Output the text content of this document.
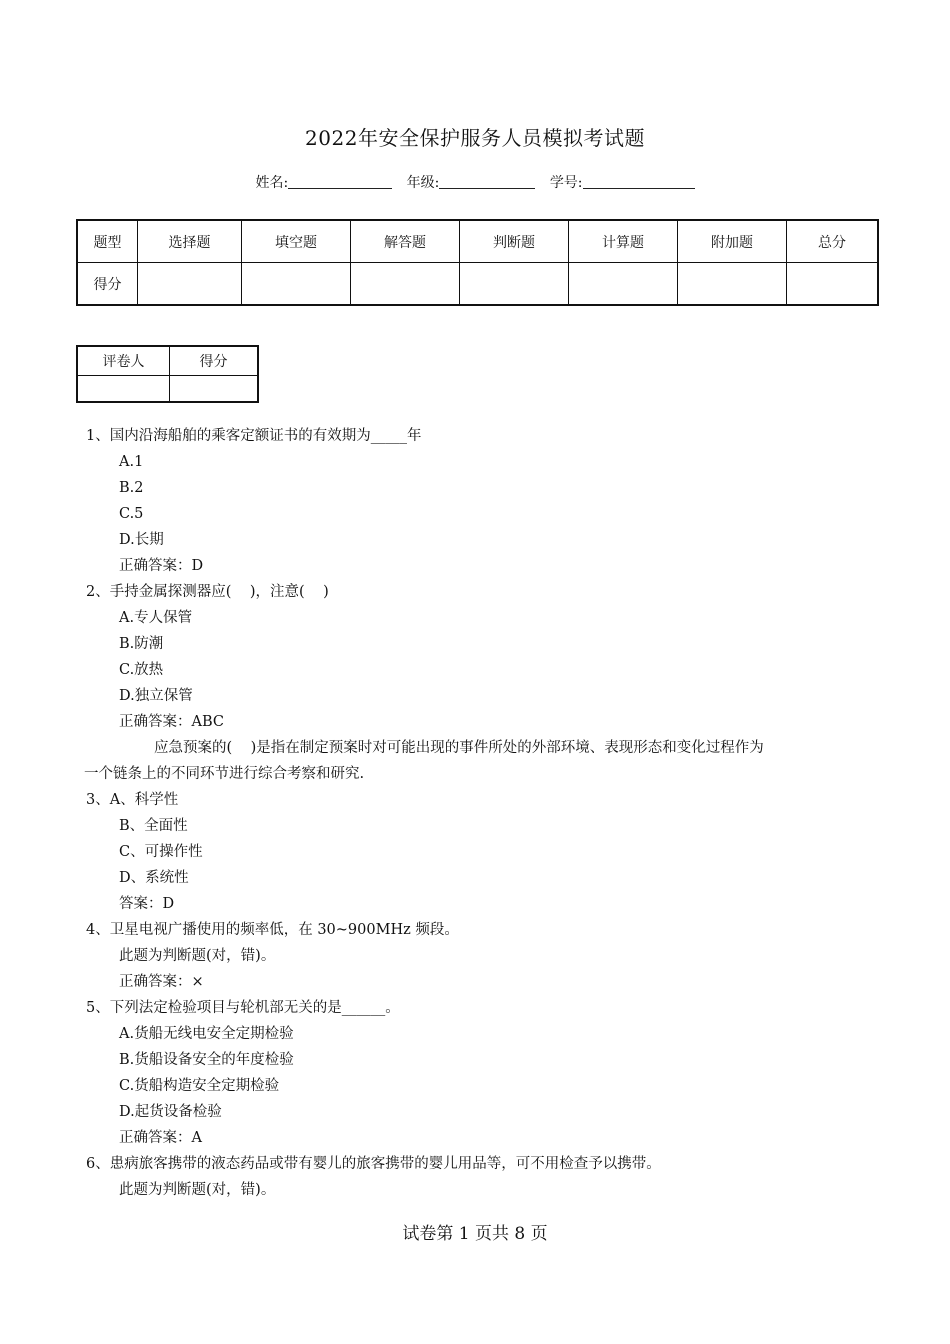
2022年安全保护服务人员模拟考试题
姓名:	年级:	学号:
题型	选择题	填空题	解答题	判断题	计算题	附加题	总分
得分							
评卷人	得分

1、国内沿海船舶的乘客定额证书的有效期为_____年
A.1
B.2
C.5
D.长期
正确答案：D
2、手持金属探测器应(    )，注意(    )
A.专人保管
B.防潮
C.放热
D.独立保管
正确答案：ABC
应急预案的(    )是指在制定预案时对可能出现的事件所处的外部环境、表现形态和变化过程作为
一个链条上的不同环节进行综合考察和研究.
3、A、科学性
B、全面性
C、可操作性
D、系统性
答案：D
4、卫星电视广播使用的频率低，在 30~900MHz 频段。
此题为判断题(对，错)。
正确答案：×
5、下列法定检验项目与轮机部无关的是______。
A.货船无线电安全定期检验
B.货船设备安全的年度检验
C.货船构造安全定期检验
D.起货设备检验
正确答案：A
6、患病旅客携带的液态药品或带有婴儿的旅客携带的婴儿用品等，可不用检查予以携带。
此题为判断题(对，错)。
试卷第 1 页共 8 页
